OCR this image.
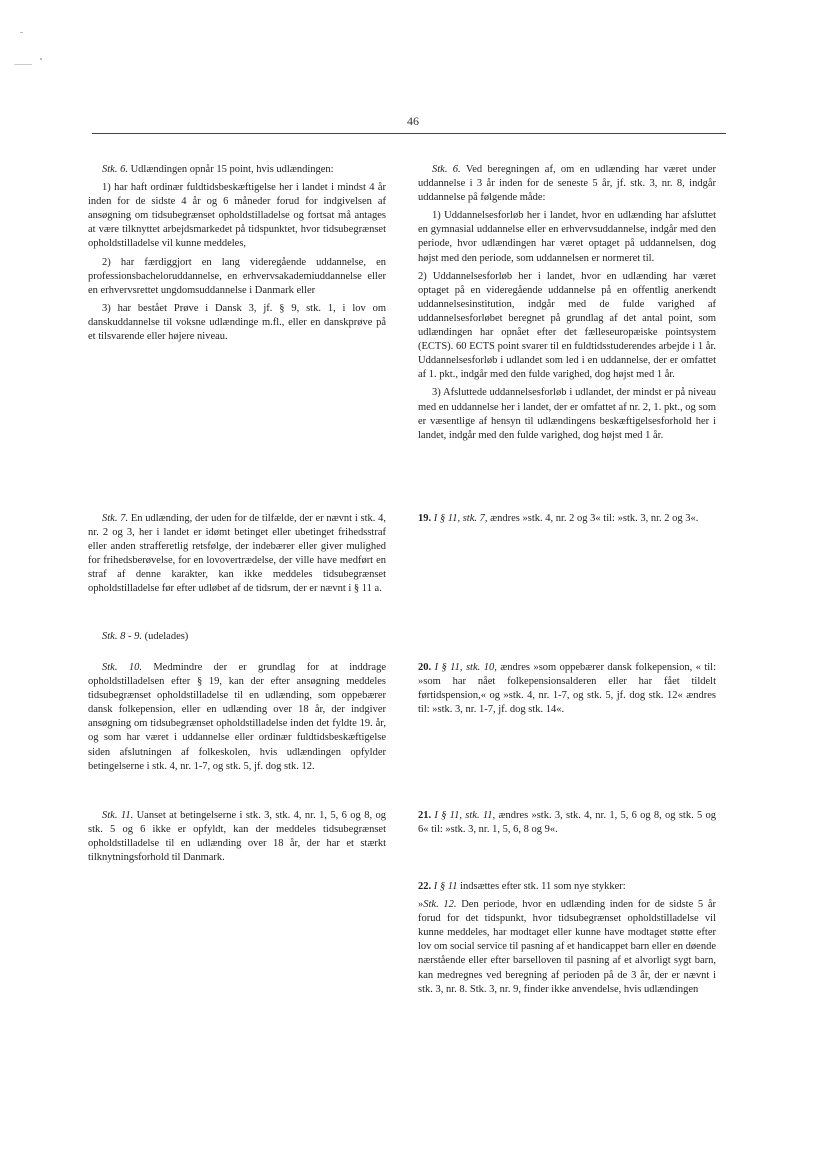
46

Stk. 6. Udlændingen opnår 15 point, hvis udlændingen:

1) har haft ordinær fuldtidsbeskæftigelse her i landet i mindst 4 år inden for de sidste 4 år og 6 måneder forud for indgivelsen af ansøgning om tidsubegrænset opholdstilladelse og fortsat må antages at være tilknyttet arbejdsmarkedet på tidspunktet, hvor tidsubegrænset opholdstilladelse vil kunne meddeles,

2) har færdiggjort en lang videregående uddannelse, en professionsbacheloruddannelse, en erhvervsakademiuddannelse eller en erhvervsrettet ungdomsuddannelse i Danmark eller

3) har bestået Prøve i Dansk 3, jf. § 9, stk. 1, i lov om danskuddannelse til voksne udlændinge m.fl., eller en danskprøve på et tilsvarende eller højere niveau.

Stk. 7. En udlænding, der uden for de tilfælde, der er nævnt i stk. 4, nr. 2 og 3, her i landet er idømt betinget eller ubetinget frihedsstraf eller anden strafferetlig retsfølge, der indebærer eller giver mulighed for frihedsberøvelse, for en lovovertrædelse, der ville have medført en straf af denne karakter, kan ikke meddeles tidsubegrænset opholdstilladelse før efter udløbet af de tidsrum, der er nævnt i § 11 a.

Stk. 8 - 9. (udelades)

Stk. 10. Medmindre der er grundlag for at inddrage opholdstilladelsen efter § 19, kan der efter ansøgning meddeles tidsubegrænset opholdstilladelse til en udlænding, som oppebærer dansk folkepension, eller en udlænding over 18 år, der indgiver ansøgning om tidsubegrænset opholdstilladelse inden det fyldte 19. år, og som har været i uddannelse eller ordinær fuldtidsbeskæftigelse siden afslutningen af folkeskolen, hvis udlændingen opfylder betingelserne i stk. 4, nr. 1-7, og stk. 5, jf. dog stk. 12.

Stk. 11. Uanset at betingelserne i stk. 3, stk. 4, nr. 1, 5, 6 og 8, og stk. 5 og 6 ikke er opfyldt, kan der meddeles tidsubegrænset opholdstilladelse til en udlænding over 18 år, der har et stærkt tilknytningsforhold til Danmark.

Stk. 6. Ved beregningen af, om en udlænding har været under uddannelse i 3 år inden for de seneste 5 år, jf. stk. 3, nr. 8, indgår uddannelse på følgende måde:

1) Uddannelsesforløb her i landet, hvor en udlænding har afsluttet en gymnasial uddannelse eller en erhvervsuddannelse, indgår med den periode, hvor udlændingen har været optaget på uddannelsen, dog højst med den periode, som uddannelsen er normeret til.

2) Uddannelsesforløb her i landet, hvor en udlænding har været optaget på en videregående uddannelse på en offentlig anerkendt uddannelsesinstitution, indgår med de fulde varighed af uddannelsesforløbet beregnet på grundlag af det antal point, som udlændingen har opnået efter det fælleseuropæiske pointsystem (ECTS). 60 ECTS point svarer til en fuldtidsstuderendes arbejde i 1 år. Uddannelsesforløb i udlandet som led i en uddannelse, der er omfattet af 1. pkt., indgår med den fulde varighed, dog højst med 1 år.

3) Afsluttede uddannelsesforløb i udlandet, der mindst er på niveau med en uddannelse her i landet, der er omfattet af nr. 2, 1. pkt., og som er væsentlige af hensyn til udlændingens beskæftigelsesforhold her i landet, indgår med den fulde varighed, dog højst med 1 år.

19. I § 11, stk. 7, ændres »stk. 4, nr. 2 og 3« til: »stk. 3, nr. 2 og 3«.

20. I § 11, stk. 10, ændres »som oppebærer dansk folkepension, « til: »som har nået folkepensionsalderen eller har fået tildelt førtidspension,« og »stk. 4, nr. 1-7, og stk. 5, jf. dog stk. 12« ændres til: »stk. 3, nr. 1-7, jf. dog stk. 14«.

21. I § 11, stk. 11, ændres »stk. 3, stk. 4, nr. 1, 5, 6 og 8, og stk. 5 og 6« til: »stk. 3, nr. 1, 5, 6, 8 og 9«.

22. I § 11 indsættes efter stk. 11 som nye stykker:

»Stk. 12. Den periode, hvor en udlænding inden for de sidste 5 år forud for det tidspunkt, hvor tidsubegrænset opholdstilladelse vil kunne meddeles, har modtaget eller kunne have modtaget støtte efter lov om social service til pasning af et handicappet barn eller en døende nærstående eller efter barselloven til pasning af et alvorligt sygt barn, kan medregnes ved beregning af perioden på de 3 år, der er nævnt i stk. 3, nr. 8. Stk. 3, nr. 9, finder ikke anvendelse, hvis udlændingen
